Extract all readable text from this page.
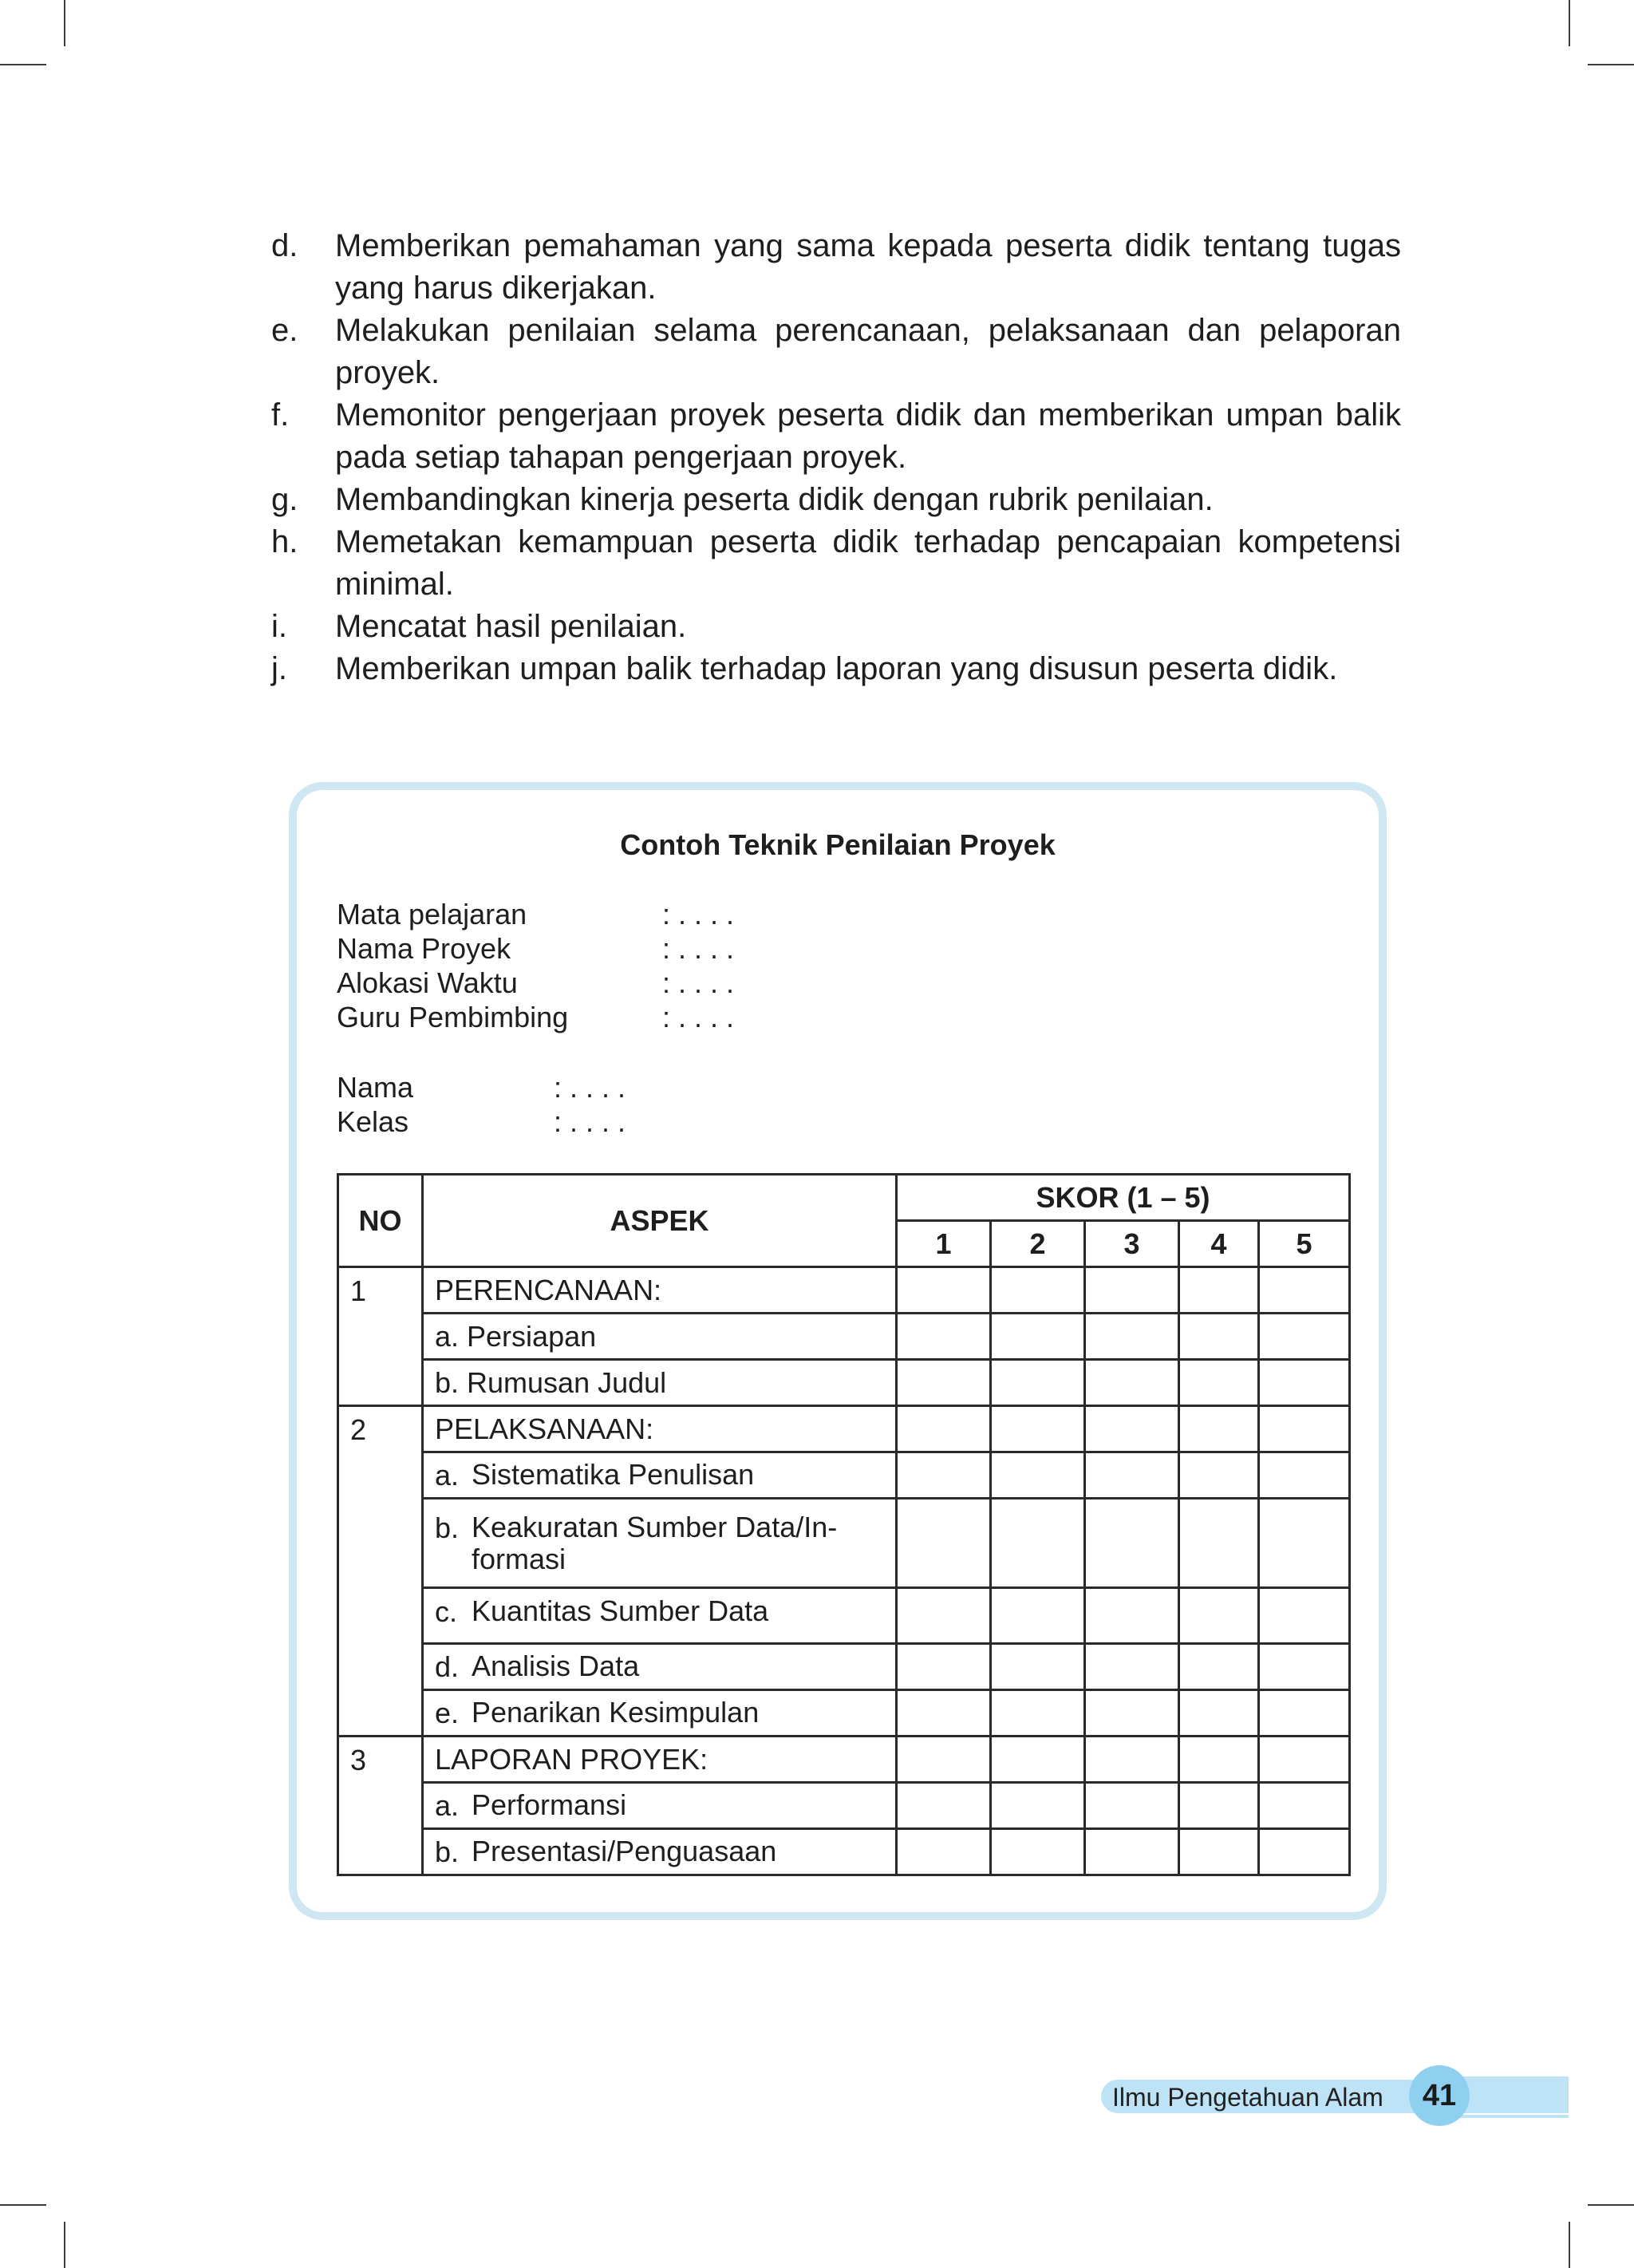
d.	Memberikan pemahaman yang sama kepada peserta didik tentang tugas yang harus dikerjakan.
e.	Melakukan penilaian selama perencanaan, pelaksanaan dan pelaporan proyek.
f.	Memonitor pengerjaan proyek peserta didik dan memberikan umpan balik pada setiap tahapan pengerjaan proyek.
g.	Membandingkan kinerja peserta didik dengan rubrik penilaian.
h.	Memetakan kemampuan peserta didik terhadap pencapaian kompetensi minimal.
i.	Mencatat hasil penilaian.
j.	Memberikan umpan balik terhadap laporan yang disusun peserta didik.
Contoh Teknik Penilaian Proyek
Mata pelajaran	: . . . .
Nama Proyek	: . . . .
Alokasi Waktu	: . . . .
Guru Pembimbing	: . . . .
Nama	: . . . .
Kelas	: . . . .
NO	ASPEK	SKOR (1 – 5)				
		1	2	3	4	5
1	PERENCANAAN:					
	a. Persiapan					
	b. Rumusan Judul					
2	PELAKSANAAN:					

	a. Sistematika Penulisan					

	b. Keakuratan Sumber Data/In- formasi					

	c. Kuantitas Sumber Data					

	d. Analisis Data					

	e. Penarikan Kesimpulan					

3	LAPORAN PROYEK:					

	a. Performansi					

	b. Presentasi/Penguasaan					

Ilmu Pengetahuan Alam	41
